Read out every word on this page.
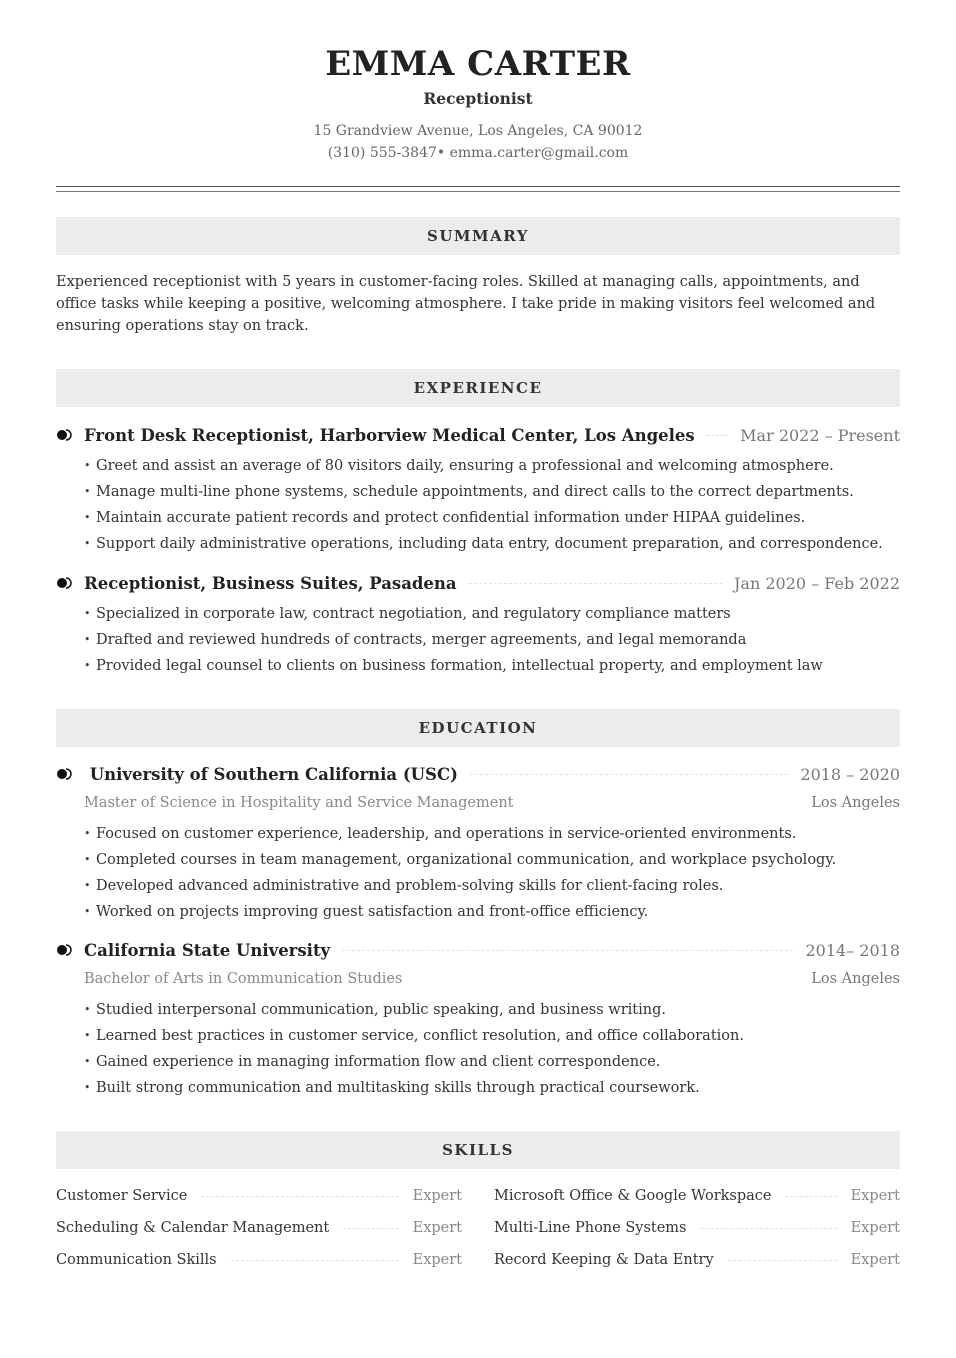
EMMA CARTER
Receptionist
15 Grandview Avenue, Los Angeles, CA 90012
(310) 555-3847• emma.carter@gmail.com
SUMMARY
Experienced receptionist with 5 years in customer-facing roles. Skilled at managing calls, appointments, and office tasks while keeping a positive, welcoming atmosphere. I take pride in making visitors feel welcomed and ensuring operations stay on track.
EXPERIENCE
Front Desk Receptionist, Harborview Medical Center, Los Angeles	Mar 2022 – Present
• Greet and assist an average of 80 visitors daily, ensuring a professional and welcoming atmosphere.
• Manage multi-line phone systems, schedule appointments, and direct calls to the correct departments.
• Maintain accurate patient records and protect confidential information under HIPAA guidelines.
• Support daily administrative operations, including data entry, document preparation, and correspondence.
Receptionist, Business Suites, Pasadena	Jan 2020 – Feb 2022
• Specialized in corporate law, contract negotiation, and regulatory compliance matters
• Drafted and reviewed hundreds of contracts, merger agreements, and legal memoranda
• Provided legal counsel to clients on business formation, intellectual property, and employment law
EDUCATION
University of Southern California (USC)	2018 – 2020
Master of Science in Hospitality and Service Management	Los Angeles
• Focused on customer experience, leadership, and operations in service-oriented environments.
• Completed courses in team management, organizational communication, and workplace psychology.
• Developed advanced administrative and problem-solving skills for client-facing roles.
• Worked on projects improving guest satisfaction and front-office efficiency.
California State University	2014– 2018
Bachelor of Arts in Communication Studies	Los Angeles
• Studied interpersonal communication, public speaking, and business writing.
• Learned best practices in customer service, conflict resolution, and office collaboration.
• Gained experience in managing information flow and client correspondence.
• Built strong communication and multitasking skills through practical coursework.
SKILLS
Customer Service	Expert
Scheduling & Calendar Management	Expert
Communication Skills	Expert
Microsoft Office & Google Workspace	Expert
Multi-Line Phone Systems	Expert
Record Keeping & Data Entry	Expert
